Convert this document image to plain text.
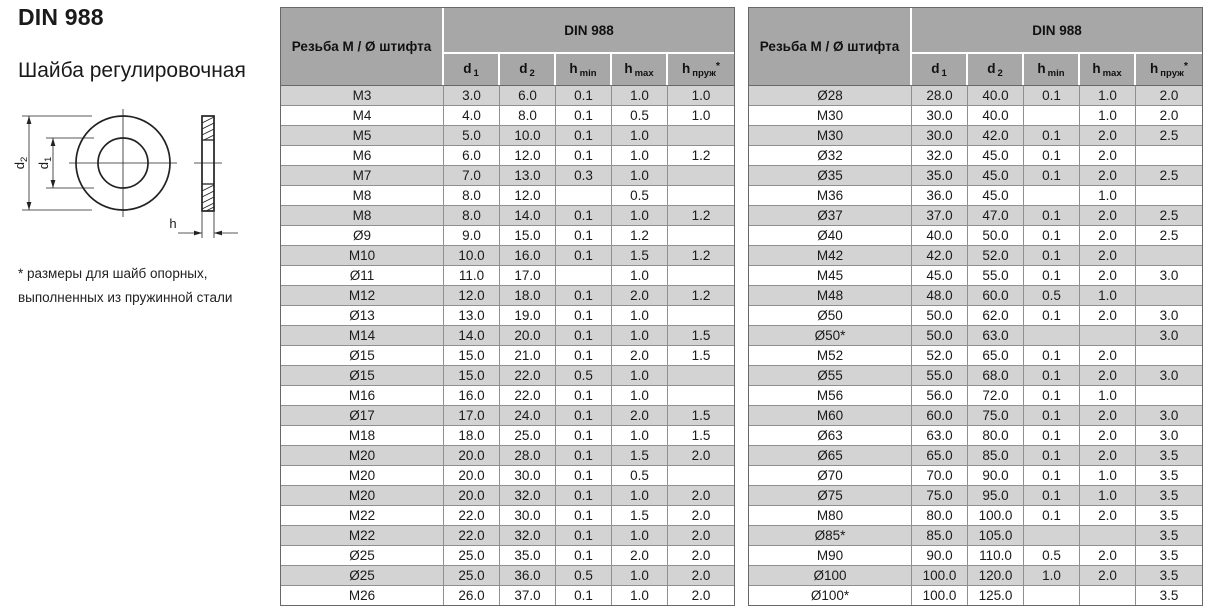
DIN 988
Шайба регулировочная
$d_2$
$d_1$
h
* размеры для шайб опорных,
выполненных из пружинной стали
Резьба М / Ø штифта	DIN 988				
	d $_1$	d $_2$	h $_{min}$	h $_{max}$	h $_{пруж}$*
M3	3.0	6.0	0.1	1.0	1.0
M4	4.0	8.0	0.1	0.5	1.0
M5	5.0	10.0	0.1	1.0	
M6	6.0	12.0	0.1	1.0	1.2
M7	7.0	13.0	0.3	1.0	
M8	8.0	12.0		0.5	
M8	8.0	14.0	0.1	1.0	1.2
Ø9	9.0	15.0	0.1	1.2	
M10	10.0	16.0	0.1	1.5	1.2
Ø11	11.0	17.0		1.0	
M12	12.0	18.0	0.1	2.0	1.2
Ø13	13.0	19.0	0.1	1.0	
M14	14.0	20.0	0.1	1.0	1.5
Ø15	15.0	21.0	0.1	2.0	1.5
Ø15	15.0	22.0	0.5	1.0	
M16	16.0	22.0	0.1	1.0	
Ø17	17.0	24.0	0.1	2.0	1.5
M18	18.0	25.0	0.1	1.0	1.5
M20	20.0	28.0	0.1	1.5	2.0
M20	20.0	30.0	0.1	0.5	
M20	20.0	32.0	0.1	1.0	2.0
M22	22.0	30.0	0.1	1.5	2.0
M22	22.0	32.0	0.1	1.0	2.0
Ø25	25.0	35.0	0.1	2.0	2.0
Ø25	25.0	36.0	0.5	1.0	2.0
M26	26.0	37.0	0.1	1.0	2.0
Резьба М / Ø штифта	DIN 988				
	d $_1$	d $_2$	h $_{min}$	h $_{max}$	h $_{пруж}$*
Ø28	28.0	40.0	0.1	1.0	2.0
M30	30.0	40.0		1.0	2.0
M30	30.0	42.0	0.1	2.0	2.5
Ø32	32.0	45.0	0.1	2.0	
Ø35	35.0	45.0	0.1	2.0	2.5
M36	36.0	45.0		1.0	
Ø37	37.0	47.0	0.1	2.0	2.5
Ø40	40.0	50.0	0.1	2.0	2.5
M42	42.0	52.0	0.1	2.0	
M45	45.0	55.0	0.1	2.0	3.0
M48	48.0	60.0	0.5	1.0	
Ø50	50.0	62.0	0.1	2.0	3.0
Ø50*	50.0	63.0			3.0
M52	52.0	65.0	0.1	2.0	
Ø55	55.0	68.0	0.1	2.0	3.0
M56	56.0	72.0	0.1	1.0	
M60	60.0	75.0	0.1	2.0	3.0
Ø63	63.0	80.0	0.1	2.0	3.0
Ø65	65.0	85.0	0.1	2.0	3.5
Ø70	70.0	90.0	0.1	1.0	3.5
Ø75	75.0	95.0	0.1	1.0	3.5
M80	80.0	100.0	0.1	2.0	3.5
Ø85*	85.0	105.0			3.5
M90	90.0	110.0	0.5	2.0	3.5
Ø100	100.0	120.0	1.0	2.0	3.5
Ø100*	100.0	125.0			3.5
